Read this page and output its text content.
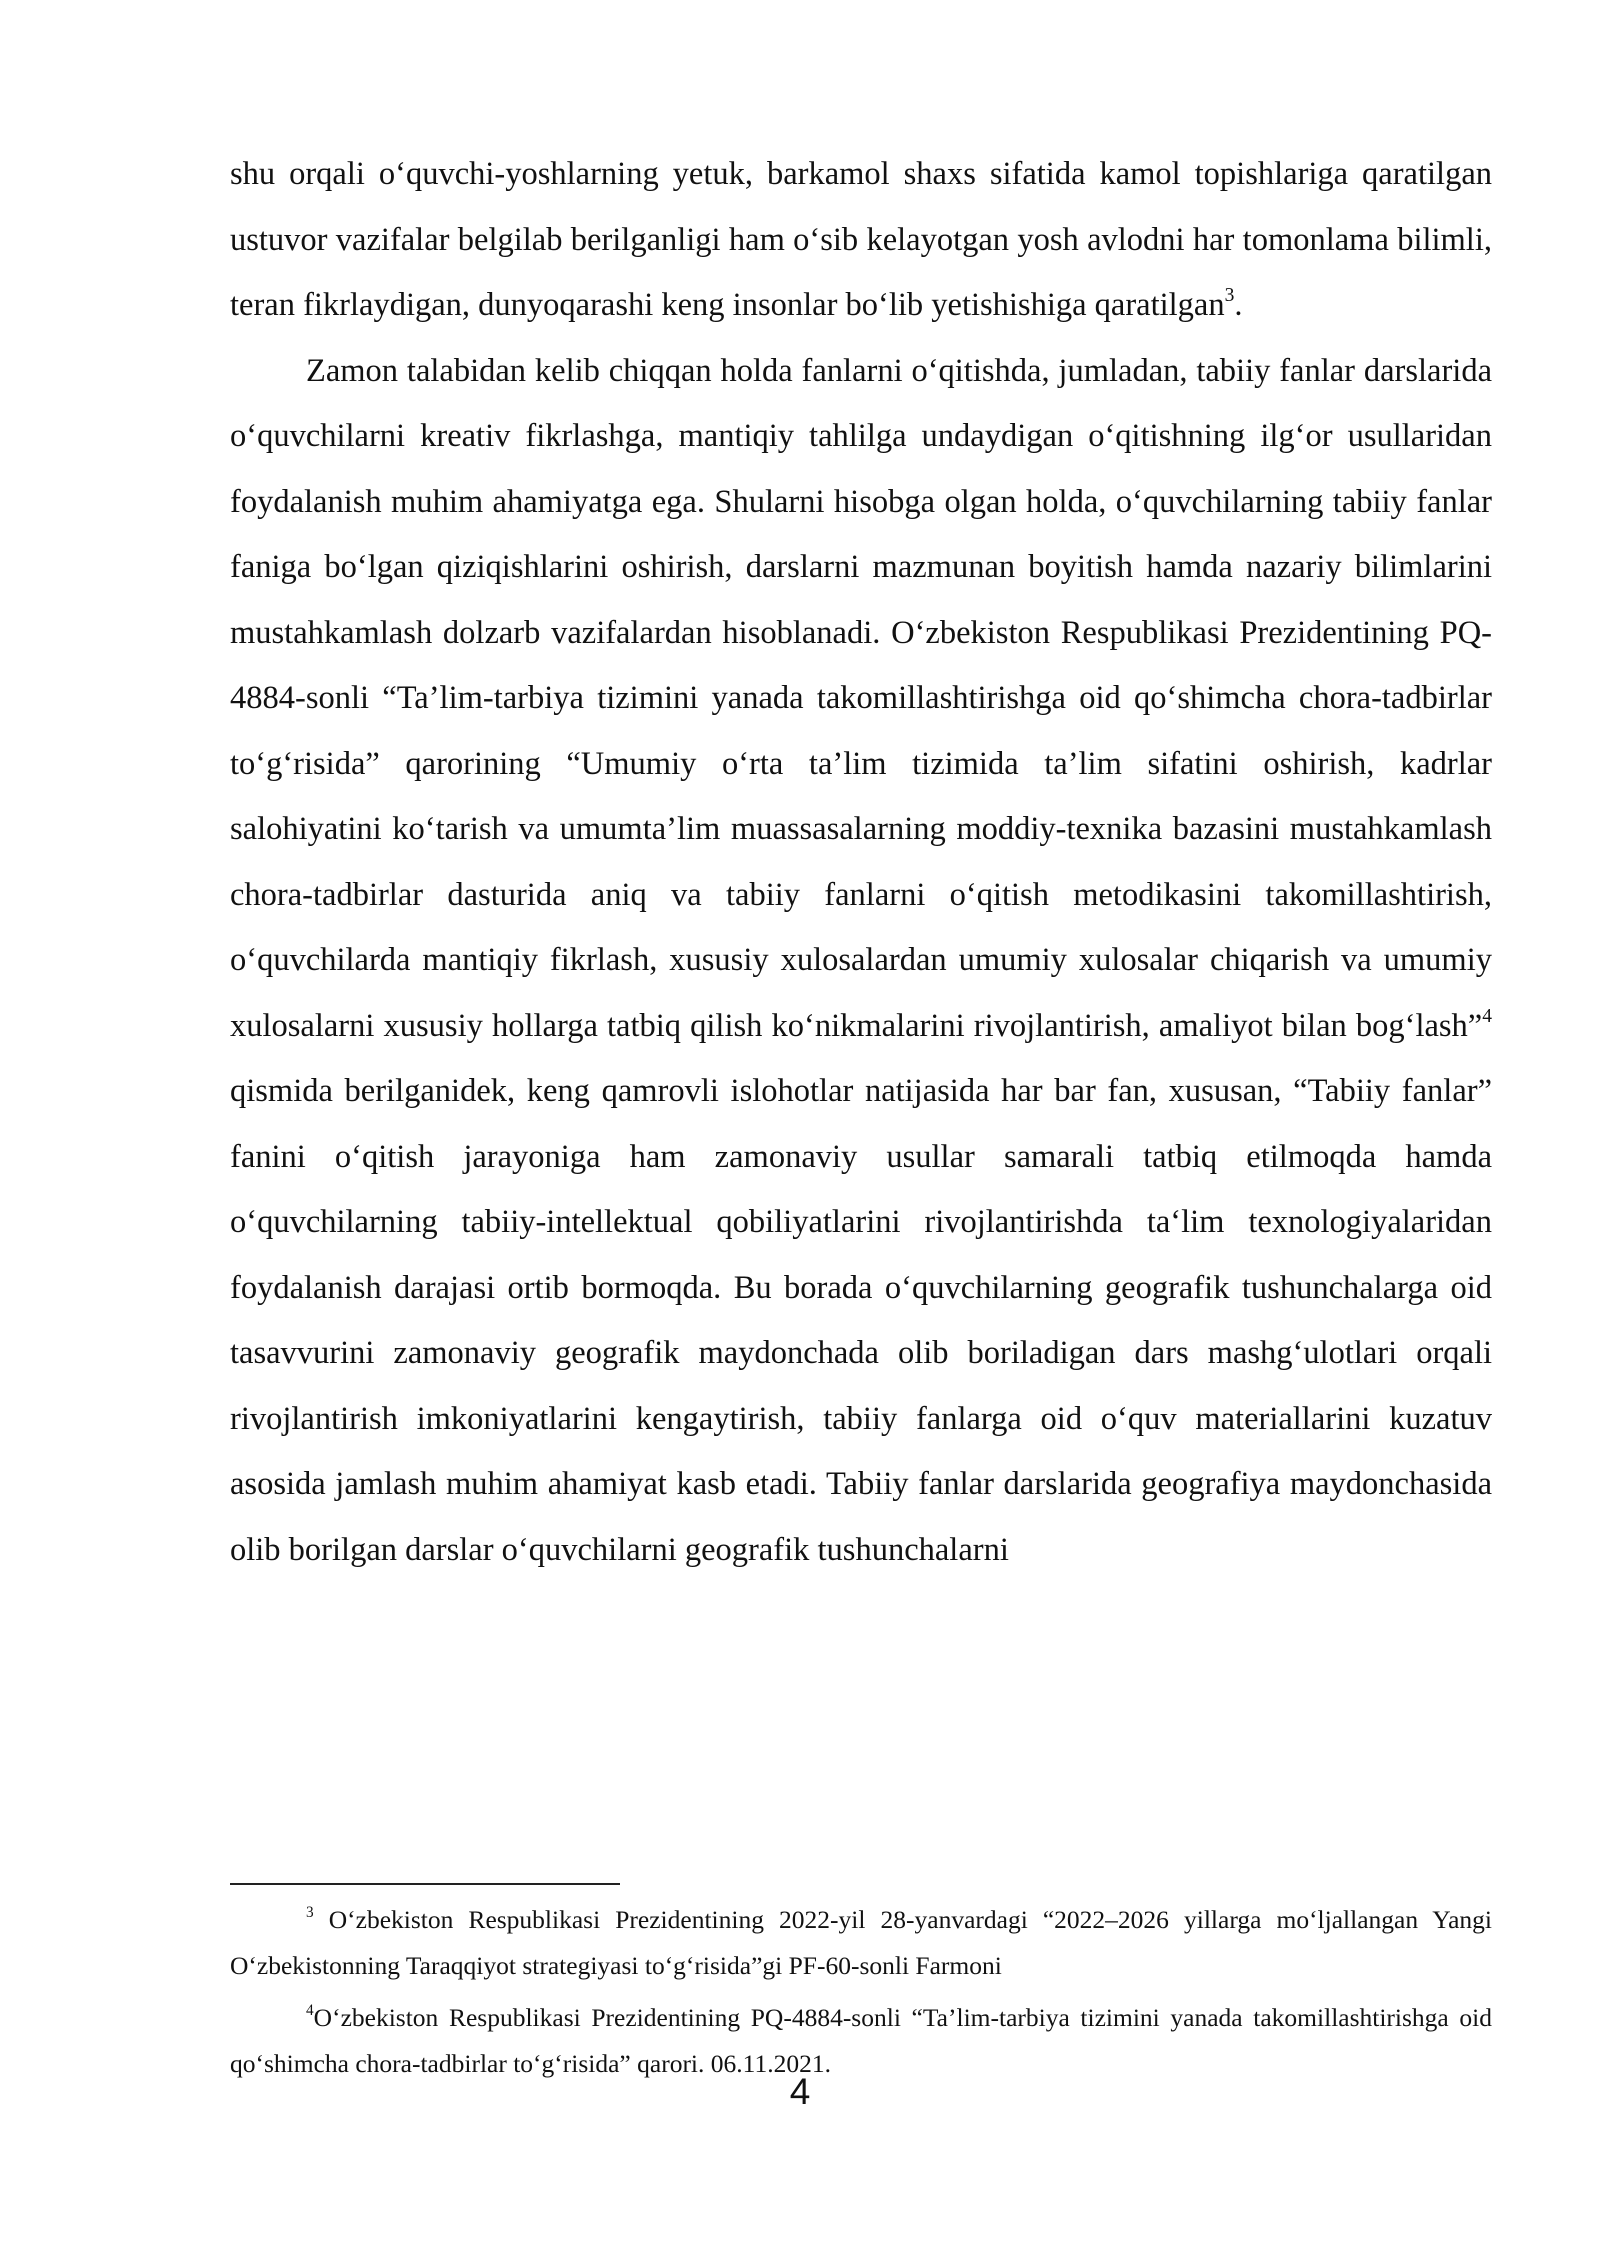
shu orqali oʻquvchi-yoshlarning yetuk, barkamol shaxs sifatida kamol topishlariga qaratilgan ustuvor vazifalar belgilab berilganligi ham oʻsib kelayotgan yosh avlodni har tomonlama bilimli, teran fikrlaydigan, dunyoqarashi keng insonlar boʻlib yetishishiga qaratilgan$^3$.

Zamon talabidan kelib chiqqan holda fanlarni oʻqitishda, jumladan, tabiiy fanlar darslarida oʻquvchilarni kreativ fikrlashga, mantiqiy tahlilga undaydigan oʻqitishning ilgʻor usullaridan foydalanish muhim ahamiyatga ega. Shularni hisobga olgan holda, oʻquvchilarning tabiiy fanlar faniga boʻlgan qiziqishlarini oshirish, darslarni mazmunan boyitish hamda nazariy bilimlarini mustahkamlash dolzarb vazifalardan hisoblanadi. Oʻzbekiston Respublikasi Prezidentining PQ-4884-sonli “Ta’lim-tarbiya tizimini yanada takomillashtirishga oid qoʻshimcha chora-tadbirlar toʻgʻrisida” qarorining “Umumiy oʻrta ta’lim tizimida ta’lim sifatini oshirish, kadrlar salohiyatini koʻtarish va umumta’lim muassasalarning moddiy-texnika bazasini mustahkamlash chora-tadbirlar dasturida aniq va tabiiy fanlarni oʻqitish metodikasini takomillashtirish, oʻquvchilarda mantiqiy fikrlash, xususiy xulosalardan umumiy xulosalar chiqarish va umumiy xulosalarni xususiy hollarga tatbiq qilish koʻnikmalarini rivojlantirish, amaliyot bilan bogʻlash”$^4$ qismida berilganidek, keng qamrovli islohotlar natijasida har bar fan, xususan, “Tabiiy fanlar” fanini oʻqitish jarayoniga ham zamonaviy usullar samarali tatbiq etilmoqda hamda oʻquvchilarning tabiiy-intellektual qobiliyatlarini rivojlantirishda taʻlim texnologiyalaridan foydalanish darajasi ortib bormoqda. Bu borada oʻquvchilarning geografik tushunchalarga oid tasavvurini zamonaviy geografik maydonchada olib boriladigan dars mashgʻulotlari orqali rivojlantirish imkoniyatlarini kengaytirish, tabiiy fanlarga oid oʻquv materiallarini kuzatuv asosida jamlash muhim ahamiyat kasb etadi. Tabiiy fanlar darslarida geografiya maydonchasida olib borilgan darslar oʻquvchilarni geografik tushunchalarni

$^3$ Oʻzbekiston Respublikasi Prezidentining 2022-yil 28-yanvardagi “2022–2026 yillarga moʻljallangan Yangi Oʻzbekistonning Taraqqiyot strategiyasi toʻgʻrisida”gi PF-60-sonli Farmoni

$^4$Oʻzbekiston Respublikasi Prezidentining PQ-4884-sonli “Ta’lim-tarbiya tizimini yanada takomillashtirishga oid qoʻshimcha chora-tadbirlar toʻgʻrisida” qarori. 06.11.2021.

4
